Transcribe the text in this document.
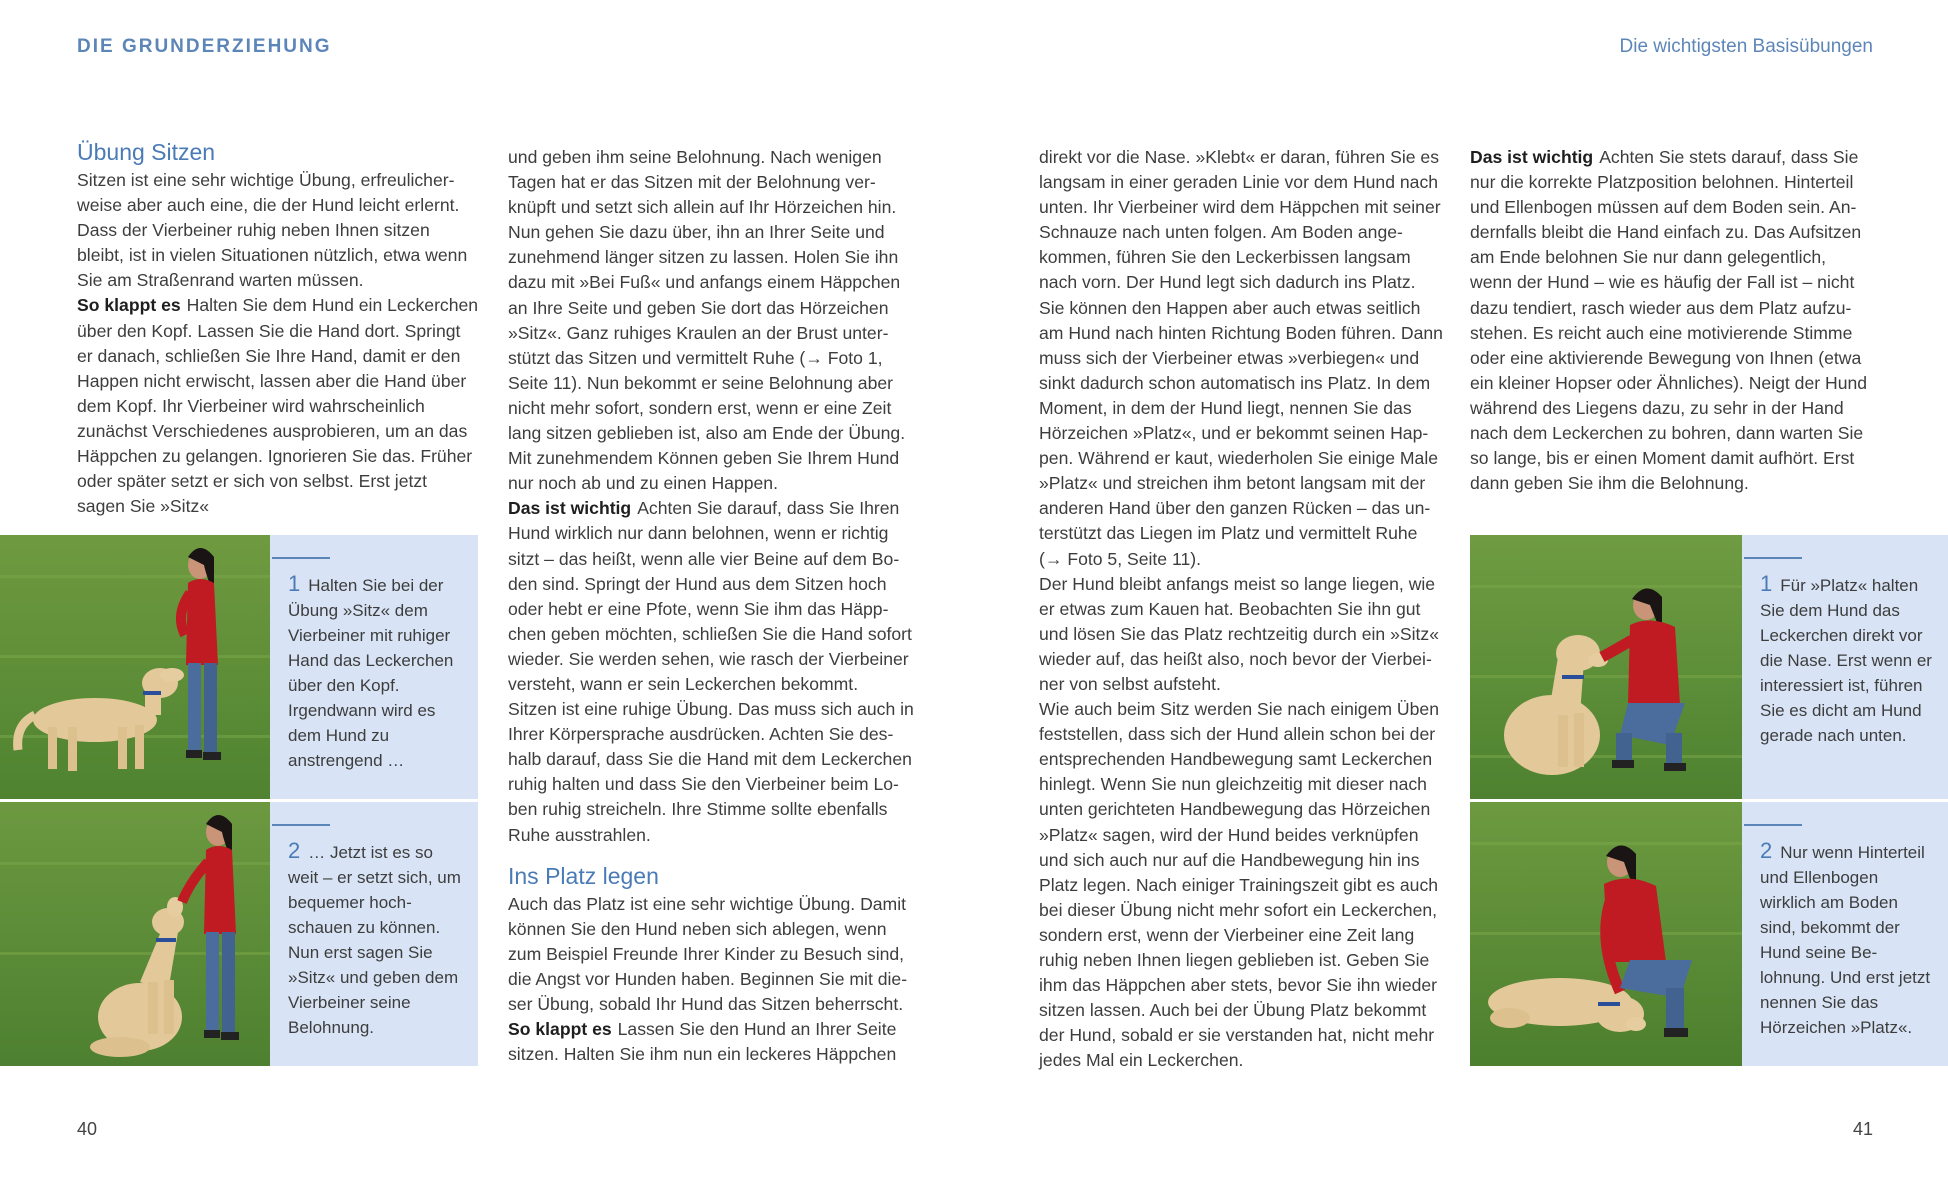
DIE GRUNDERZIEHUNG	Die wichtigsten Basisübungen
Übung Sitzen

Sitzen ist eine sehr wichtige Übung, erfreulicherweise aber auch eine, die der Hund leicht erlernt. Dass der Vierbeiner ruhig neben Ihnen sitzen bleibt, ist in vielen Situationen nützlich, etwa wenn Sie am Straßenrand warten müssen.

So klappt es Halten Sie dem Hund ein Leckerchen über den Kopf. Lassen Sie die Hand dort. Springt er danach, schließen Sie Ihre Hand, damit er den Happen nicht erwischt, lassen aber die Hand über dem Kopf. Ihr Vierbeiner wird wahrscheinlich zunächst Verschiedenes ausprobieren, um an das Häppchen zu gelangen. Ignorieren Sie das. Früher oder später setzt er sich von selbst. Erst jetzt sagen Sie »Sitz«

und geben ihm seine Belohnung. Nach wenigen Tagen hat er das Sitzen mit der Belohnung verknüpft und setzt sich allein auf Ihr Hörzeichen hin. Nun gehen Sie dazu über, ihn an Ihrer Seite und zunehmend länger sitzen zu lassen. Holen Sie ihn dazu mit »Bei Fuß« und anfangs einem Häppchen an Ihre Seite und geben Sie dort das Hörzeichen »Sitz«. Ganz ruhiges Kraulen an der Brust unterstützt das Sitzen und vermittelt Ruhe (→ Foto 1, Seite 11). Nun bekommt er seine Belohnung aber nicht mehr sofort, sondern erst, wenn er eine Zeit lang sitzen geblieben ist, also am Ende der Übung. Mit zunehmendem Können geben Sie Ihrem Hund nur noch ab und zu einen Happen.

Das ist wichtig Achten Sie darauf, dass Sie Ihren Hund wirklich nur dann belohnen, wenn er richtig sitzt – das heißt, wenn alle vier Beine auf dem Boden sind. Springt der Hund aus dem Sitzen hoch oder hebt er eine Pfote, wenn Sie ihm das Häppchen geben möchten, schließen Sie die Hand sofort wieder. Sie werden sehen, wie rasch der Vierbeiner versteht, wann er sein Leckerchen bekommt.

Sitzen ist eine ruhige Übung. Das muss sich auch in Ihrer Körpersprache ausdrücken. Achten Sie deshalb darauf, dass Sie die Hand mit dem Leckerchen ruhig halten und dass Sie den Vierbeiner beim Loben ruhig streicheln. Ihre Stimme sollte ebenfalls Ruhe ausstrahlen.

Ins Platz legen

Auch das Platz ist eine sehr wichtige Übung. Damit können Sie den Hund neben sich ablegen, wenn zum Beispiel Freunde Ihrer Kinder zu Besuch sind, die Angst vor Hunden haben. Beginnen Sie mit dieser Übung, sobald Ihr Hund das Sitzen beherrscht.

So klappt es Lassen Sie den Hund an Ihrer Seite sitzen. Halten Sie ihm nun ein leckeres Häppchen

direkt vor die Nase. »Klebt« er daran, führen Sie es langsam in einer geraden Linie vor dem Hund nach unten. Ihr Vierbeiner wird dem Häppchen mit seiner Schnauze nach unten folgen. Am Boden angekommen, führen Sie den Leckerbissen langsam nach vorn. Der Hund legt sich dadurch ins Platz. Sie können den Happen aber auch etwas seitlich am Hund nach hinten Richtung Boden führen. Dann muss sich der Vierbeiner etwas »verbiegen« und sinkt dadurch schon automatisch ins Platz. In dem Moment, in dem der Hund liegt, nennen Sie das Hörzeichen »Platz«, und er bekommt seinen Happen. Während er kaut, wiederholen Sie einige Male »Platz« und streichen ihm betont langsam mit der anderen Hand über den ganzen Rücken – das unterstützt das Liegen im Platz und vermittelt Ruhe (→ Foto 5, Seite 11).

Der Hund bleibt anfangs meist so lange liegen, wie er etwas zum Kauen hat. Beobachten Sie ihn gut und lösen Sie das Platz rechtzeitig durch ein »Sitz« wieder auf, das heißt also, noch bevor der Vierbeiner von selbst aufsteht.

Wie auch beim Sitz werden Sie nach einigem Üben feststellen, dass sich der Hund allein schon bei der entsprechenden Handbewegung samt Leckerchen hinlegt. Wenn Sie nun gleichzeitig mit dieser nach unten gerichteten Handbewegung das Hörzeichen »Platz« sagen, wird der Hund beides verknüpfen und sich auch nur auf die Handbewegung hin ins Platz legen. Nach einiger Trainingszeit gibt es auch bei dieser Übung nicht mehr sofort ein Leckerchen, sondern erst, wenn der Vierbeiner eine Zeit lang ruhig neben Ihnen liegen geblieben ist. Geben Sie ihm das Häppchen aber stets, bevor Sie ihn wieder sitzen lassen. Auch bei der Übung Platz bekommt der Hund, sobald er sie verstanden hat, nicht mehr jedes Mal ein Leckerchen.

Das ist wichtig Achten Sie stets darauf, dass Sie nur die korrekte Platzposition belohnen. Hinterteil und Ellenbogen müssen auf dem Boden sein. Andernfalls bleibt die Hand einfach zu. Das Aufsitzen am Ende belohnen Sie nur dann gelegentlich, wenn der Hund – wie es häufig der Fall ist – nicht dazu tendiert, rasch wieder aus dem Platz aufzustehen. Es reicht auch eine motivierende Stimme oder eine aktivierende Bewegung von Ihnen (etwa ein kleiner Hopser oder Ähnliches). Neigt der Hund während des Liegens dazu, zu sehr in der Hand nach dem Leckerchen zu bohren, dann warten Sie so lange, bis er einen Moment damit aufhört. Erst dann geben Sie ihm die Belohnung.

1 Halten Sie bei der Übung »Sitz« dem Vierbeiner mit ruhiger Hand das Leckerchen über den Kopf. Irgendwann wird es dem Hund zu anstrengend …
2 … Jetzt ist es so weit – er setzt sich, um bequemer hochschauen zu können. Nun erst sagen Sie »Sitz« und geben dem Vierbeiner seine Belohnung.
1 Für »Platz« halten Sie dem Hund das Leckerchen direkt vor die Nase. Erst wenn er interessiert ist, führen Sie es dicht am Hund gerade nach unten.
2 Nur wenn Hinterteil und Ellenbogen wirklich am Boden sind, bekommt der Hund seine Belohnung. Und erst jetzt nennen Sie das Hörzeichen »Platz«.
40	41
